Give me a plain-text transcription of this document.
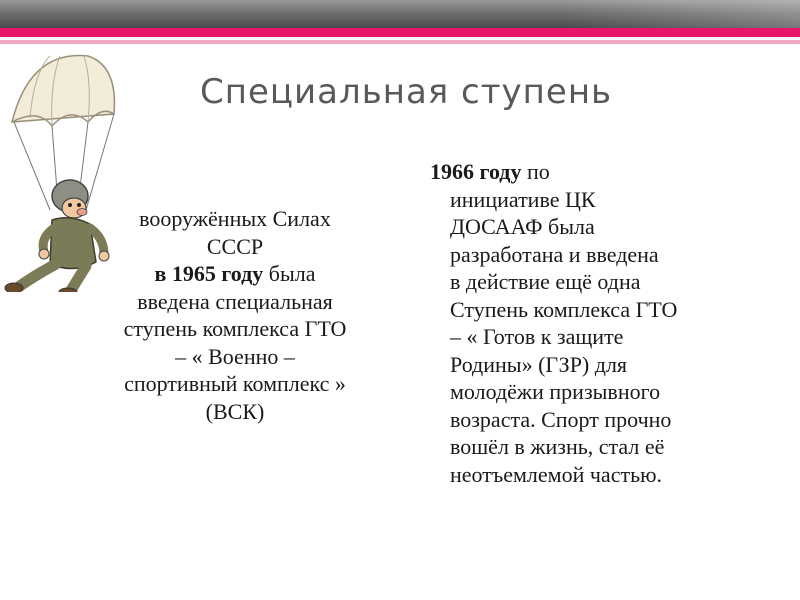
Специальная ступень
вооружённых Силах
СССР
в 1965 году была
введена специальная
ступень комплекса ГТО
– « Военно –
спортивный комплекс »
(ВСК)
1966 году по
инициативе ЦК
ДОСААФ была
разработана и введена
в действие ещё одна
Ступень комплекса ГТО
– « Готов к защите
Родины» (ГЗР) для
молодёжи призывного
возраста. Спорт прочно
вошёл в жизнь, стал её
неотъемлемой частью.
